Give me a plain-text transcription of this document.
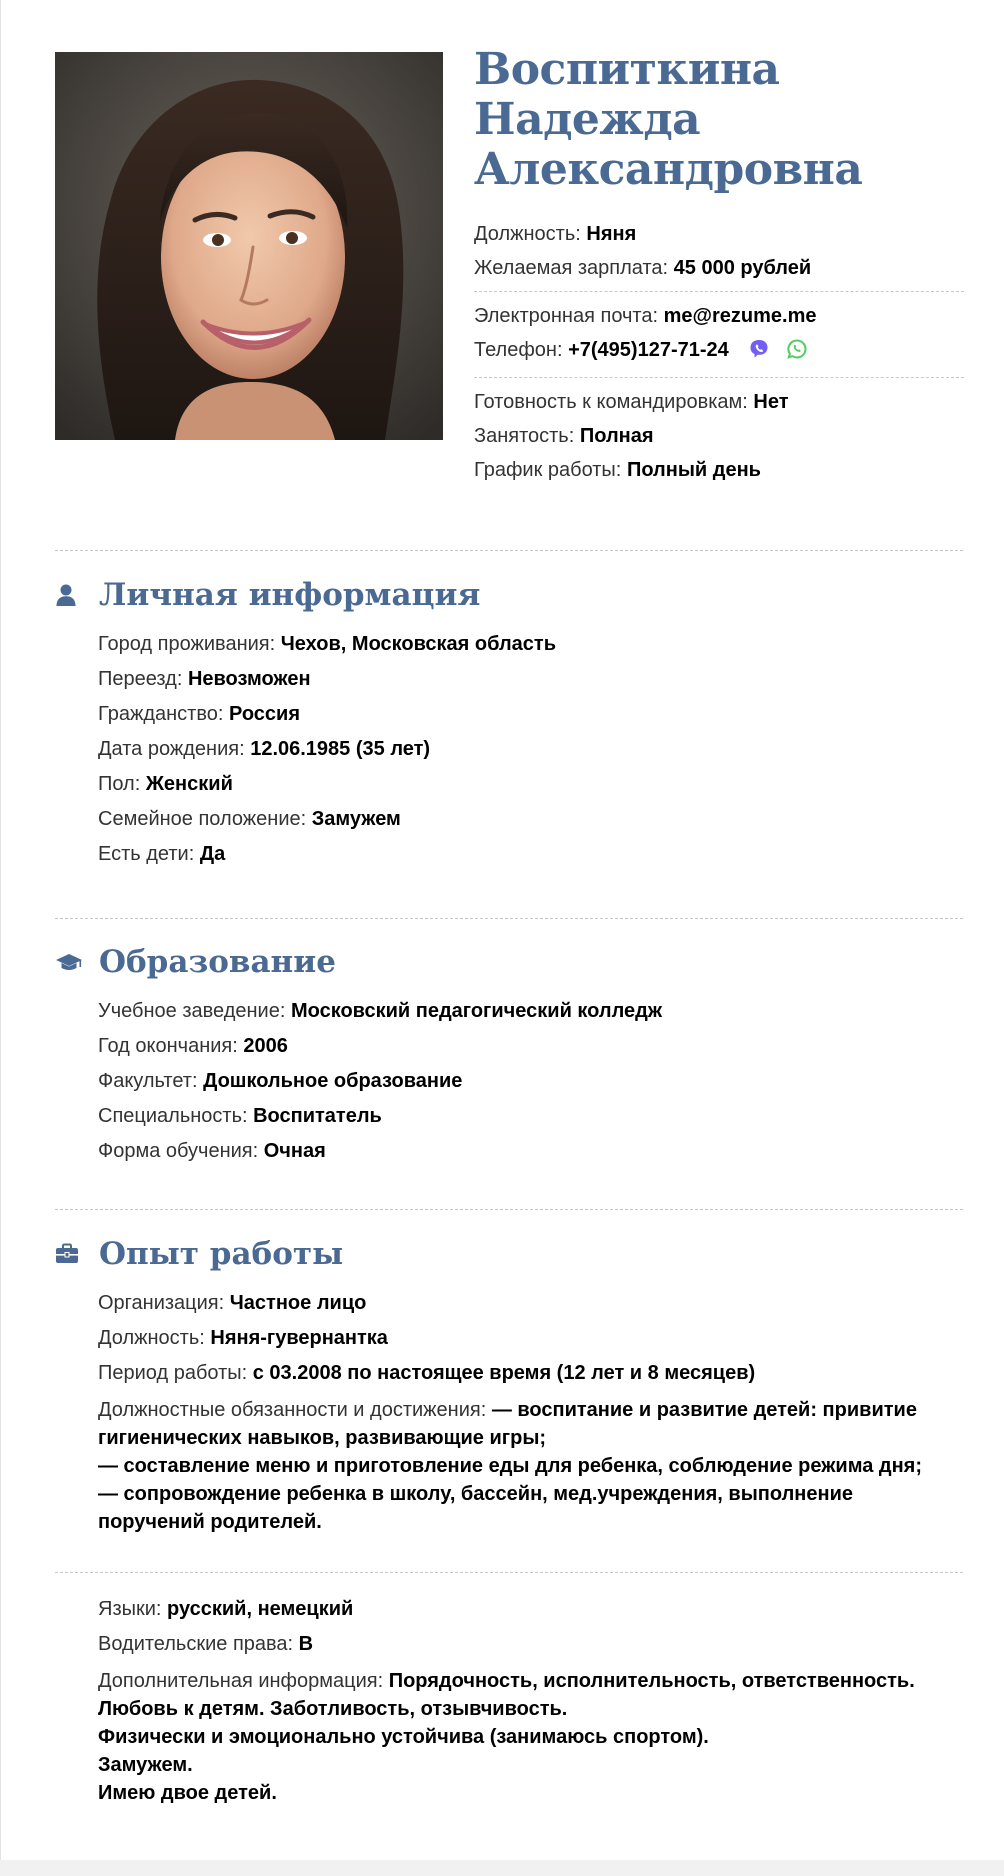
Воспиткина
Надежда
Александровна

Должность: Няня

Желаемая зарплата: 45 000 рублей

Электронная почта: me@rezume.me

Телефон: +7(495)127-71-24

Готовность к командировкам: Нет

Занятость: Полная

График работы: Полный день

Личная информация

Город проживания: Чехов, Московская область

Переезд: Невозможен

Гражданство: Россия

Дата рождения: 12.06.1985 (35 лет)

Пол: Женский

Семейное положение: Замужем

Есть дети: Да

Образование

Учебное заведение: Московский педагогический колледж

Год окончания: 2006

Факультет: Дошкольное образование

Специальность: Воспитатель

Форма обучения: Очная

Опыт работы

Организация: Частное лицо

Должность: Няня-гувернантка

Период работы: с 03.2008 по настоящее время (12 лет и 8 месяцев)

Должностные обязанности и достижения: — воспитание и развитие детей: привитие гигиенических навыков, развивающие игры;
— составление меню и приготовление еды для ребенка, соблюдение режима дня;
— сопровождение ребенка в школу, бассейн, мед.учреждения, выполнение поручений родителей.

Языки: русский, немецкий

Водительские права: B

Дополнительная информация: Порядочность, исполнительность, ответственность. Любовь к детям. Заботливость, отзывчивость.
Физически и эмоционально устойчива (занимаюсь спортом).
Замужем.
Имею двое детей.
